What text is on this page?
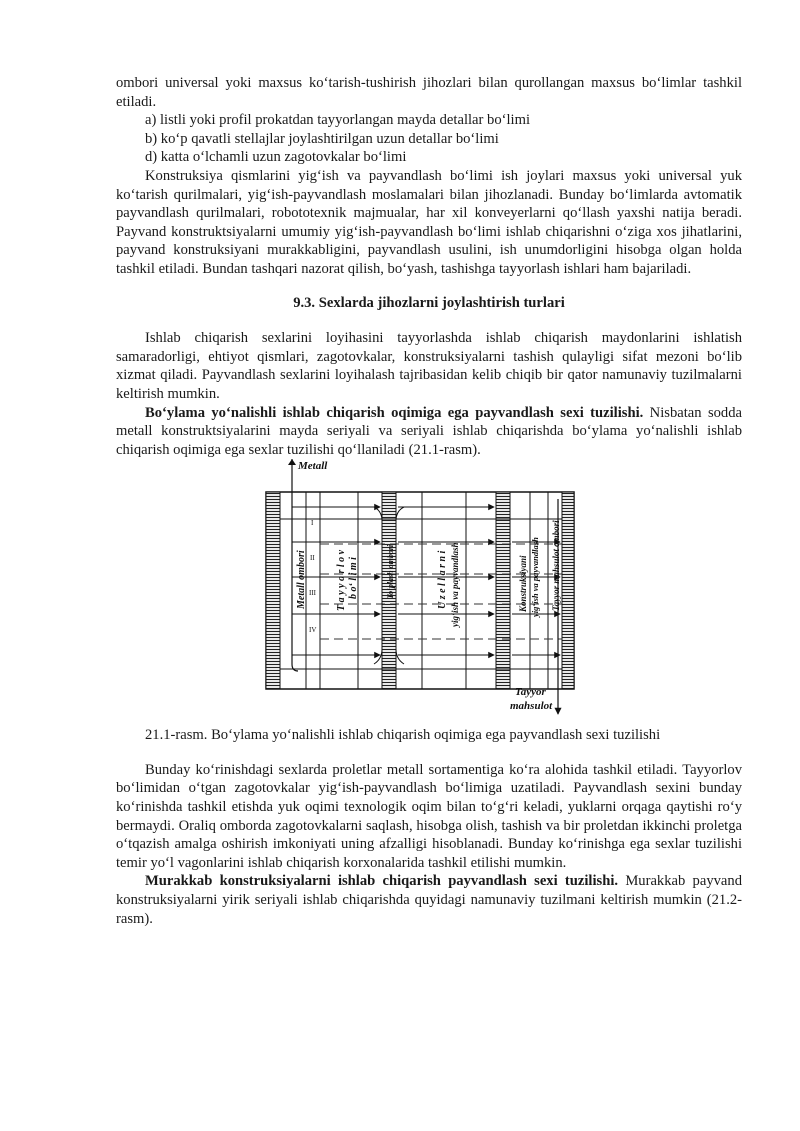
ombori universal yoki maxsus ko‘tarish-tushirish jihozlari bilan qurollangan maxsus bo‘limlar tashkil etiladi.

a) listli yoki profil prokatdan tayyorlangan mayda detallar bo‘limi

b) ko‘p qavatli stellajlar joylashtirilgan uzun detallar bo‘limi

d) katta o‘lchamli uzun zagotovkalar bo‘limi

Konstruksiya qismlarini yig‘ish va payvandlash bo‘limi ish joylari maxsus yoki universal yuk ko‘tarish qurilmalari, yig‘ish-payvandlash moslamalari bilan jihozlanadi. Bunday bo‘limlarda avtomatik payvandlash qurilmalari, robototexnik majmualar, har xil konveyerlarni qo‘llash yaxshi natija beradi. Payvand konstruktsiyalarni umumiy yig‘ish-payvandlash bo‘limi ishlab chiqarishni o‘ziga xos jihatlarini, payvand konstruksiyani murakkabligini, payvandlash usulini, ish unumdorligini hisobga olgan holda tashkil etiladi. Bundan tashqari nazorat qilish, bo‘yash, tashishga tayyorlash ishlari ham bajariladi.

9.3. Sexlarda jihozlarni joylashtirish turlari

Ishlab chiqarish sexlarini loyihasini tayyorlashda ishlab chiqarish maydonlarini ishlatish samaradorligi, ehtiyot qismlari, zagotovkalar, konstruksiyalarni tashish qulayligi sifat mezoni bo‘lib xizmat qiladi. Payvandlash sexlarini loyihalash tajribasidan kelib chiqib bir qator namunaviy tuzilmalarni keltirish mumkin.

Bo‘ylama yo‘nalishli ishlab chiqarish oqimiga ega payvandlash sexi tuzilishi. Nisbatan sodda metall konstruktsiyalarini mayda seriyali va seriyali ishlab chiqarishda bo‘ylama yo‘nalishli ishlab chiqarish oqimiga ega sexlar tuzilishi qo‘llaniladi (21.1-rasm).

Metall
Tayyor
mahsulot
I
II
III
IV
Metall ombori	T a y y o r l o v b o‘ l i m i	To‘plash ombori	U z e l l a r n i yig‘ish va payvandlash	Konstruksiyani yig‘ish va payvandlash Tayyor mahsulot ombori

21.1-rasm. Bo‘ylama yo‘nalishli ishlab chiqarish oqimiga ega payvandlash sexi tuzilishi

Bunday ko‘rinishdagi sexlarda proletlar metall sortamentiga ko‘ra alohida tashkil etiladi. Tayyorlov bo‘limidan o‘tgan zagotovkalar yig‘ish-payvandlash bo‘limiga uzatiladi. Payvandlash sexini bunday ko‘rinishda tashkil etishda yuk oqimi texnologik oqim bilan to‘g‘ri keladi, yuklarni orqaga qaytishi ro‘y bermaydi. Oraliq omborda zagotovkalarni saqlash, hisobga olish, tashish va bir proletdan ikkinchi proletga o‘tqazish amalga oshirish imkoniyati uning afzalligi hisoblanadi. Bunday ko‘rinishga ega sexlar tuzilishi temir yo‘l vagonlarini ishlab chiqarish korxonalarida tashkil etilishi mumkin.

Murakkab konstruksiyalarni ishlab chiqarish payvandlash sexi tuzilishi. Murakkab payvand konstruksiyalarni yirik seriyali ishlab chiqarishda quyidagi namunaviy tuzilmani keltirish mumkin (21.2-rasm).
